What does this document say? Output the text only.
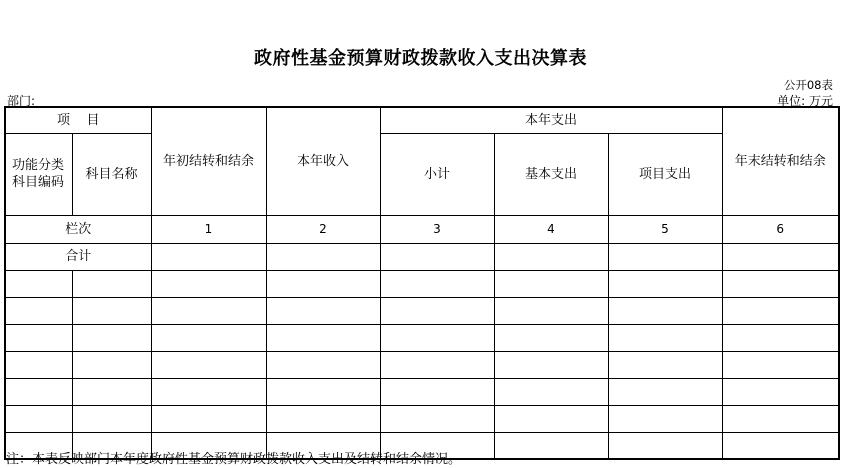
政府性基金预算财政拨款收入支出决算表
公开08表
部门:	单位: 万元
项    目		年初结转和结余	本年收入	本年支出			年末结转和结余
功能分类科目编码	科目名称			小计	基本支出	项目支出	
栏次		1	2	3	4	5	6
合计							

注：本表反映部门本年度政府性基金预算财政拨款收入支出及结转和结余情况。
